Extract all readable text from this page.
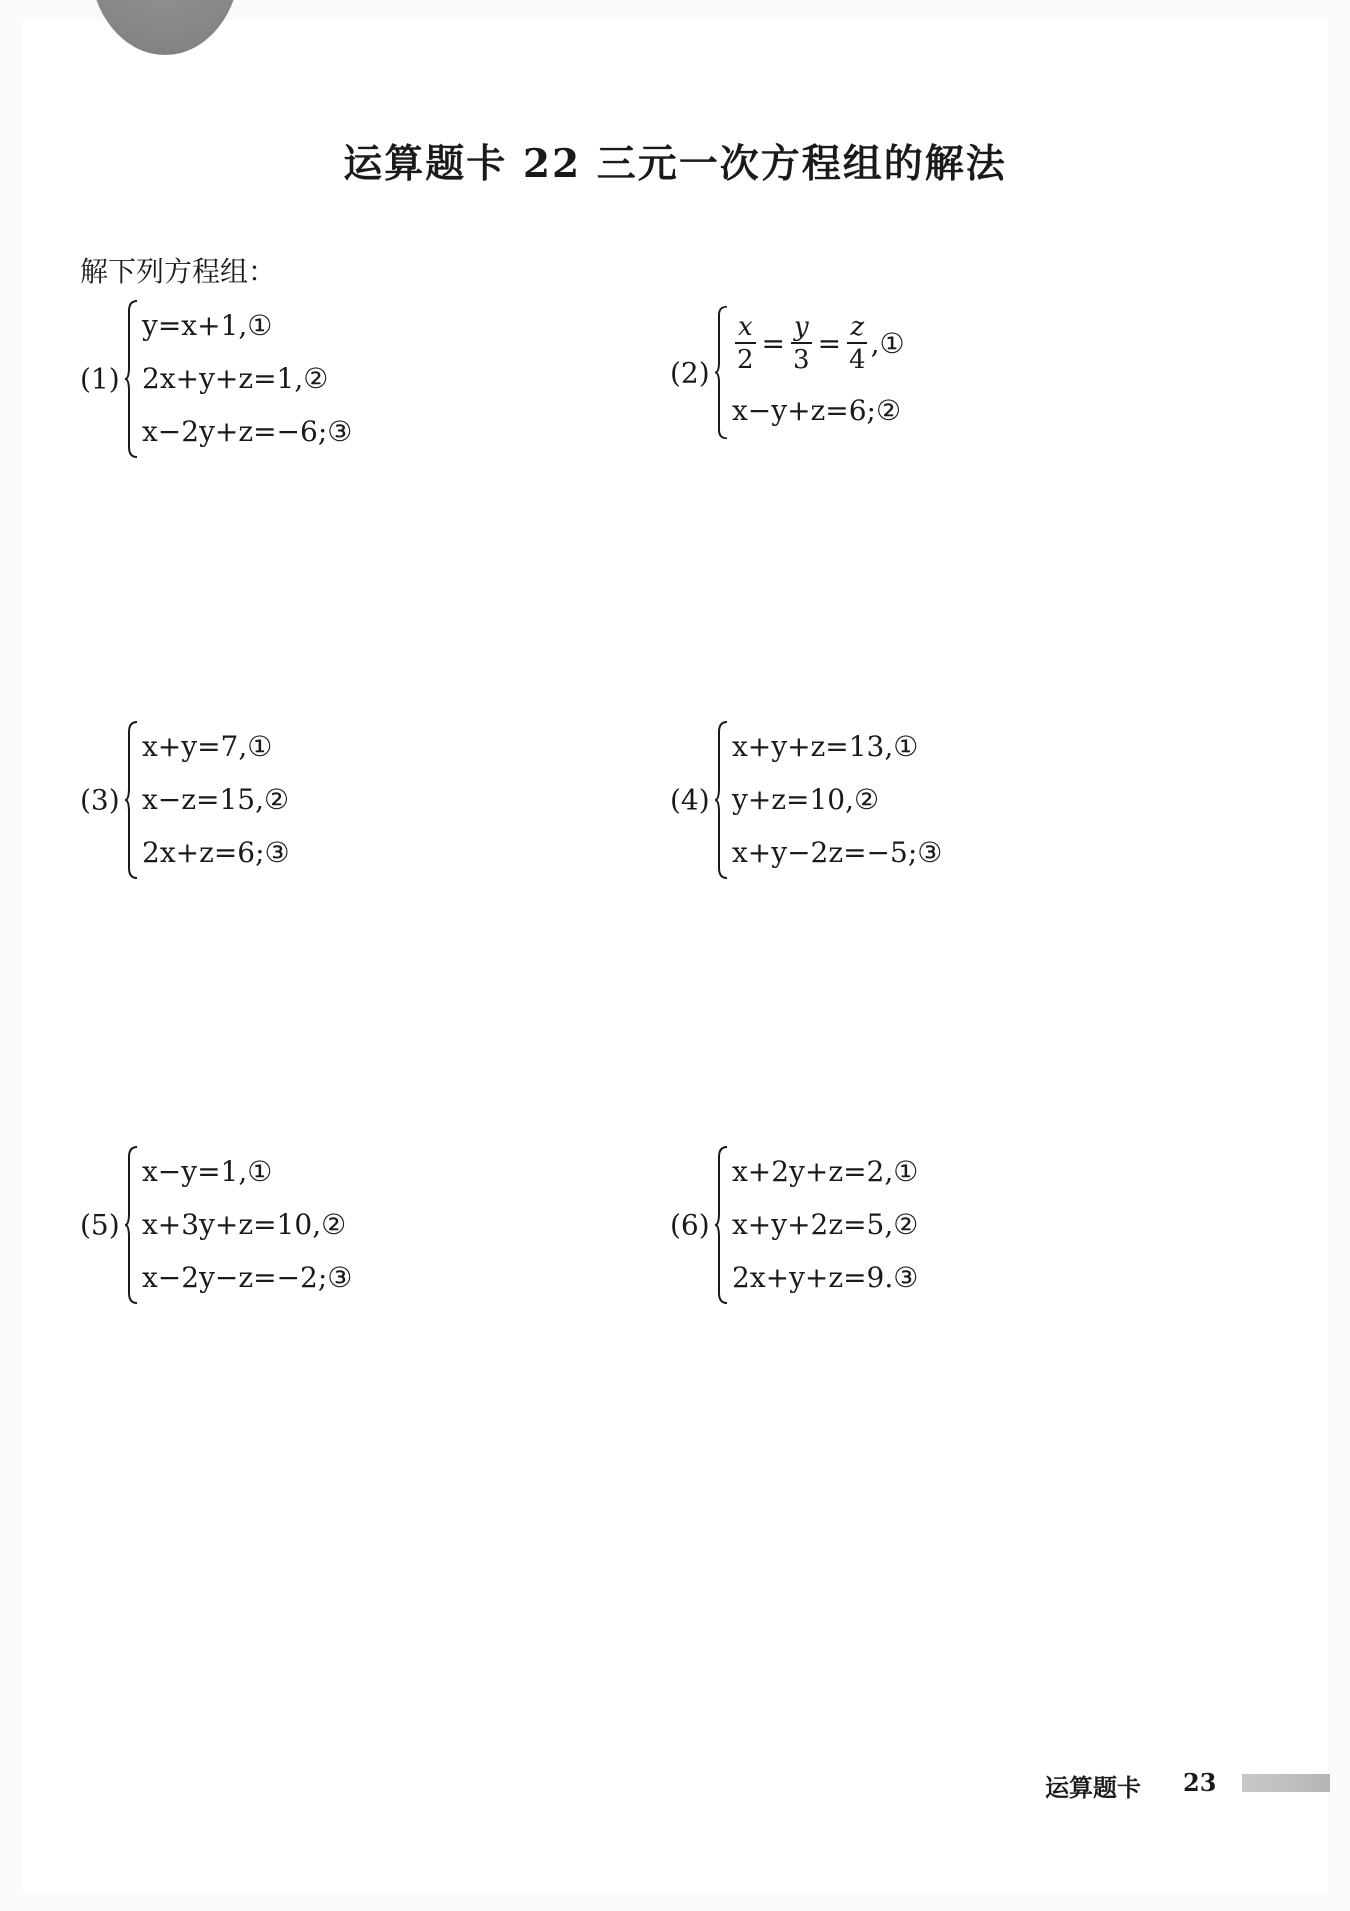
运算题卡 22 三元一次方程组的解法
解下列方程组：
(1)
y=x+1,①
2x+y+z=1,②
x−2y+z=−6;③
$(2) \frac{x}{2} = \frac{y}{3} = \frac{z}{4}$ ,①
x−y+z=6;②
(3)
x+y=7,①
x−z=15,②
2x+z=6;③
(4)
x+y+z=13,①
y+z=10,②
x+y−2z=−5;③
(5)
x−y=1,①
x+3y+z=10,②
x−2y−z=−2;③
(6)
x+2y+z=2,①
x+y+2z=5,②
2x+y+z=9.③
运算题卡 23
